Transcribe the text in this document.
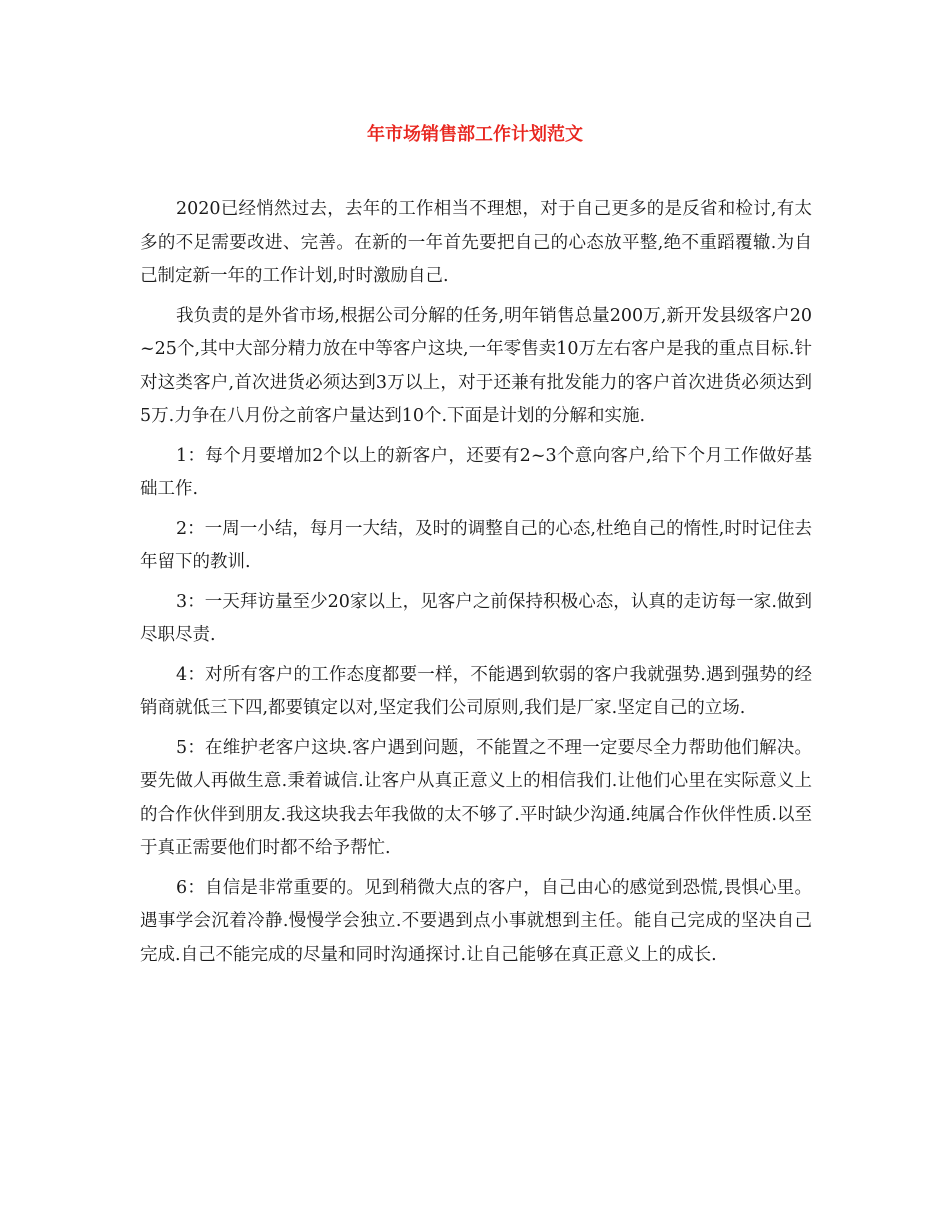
年市场销售部工作计划范文

2020已经悄然过去，去年的工作相当不理想，对于自己更多的是反省和检讨,有太多的不足需要改进、完善。在新的一年首先要把自己的心态放平整,绝不重蹈覆辙.为自己制定新一年的工作计划,时时激励自己.

我负责的是外省市场,根据公司分解的任务,明年销售总量200万,新开发县级客户20~25个,其中大部分精力放在中等客户这块,一年零售卖10万左右客户是我的重点目标.针对这类客户,首次进货必须达到3万以上，对于还兼有批发能力的客户首次进货必须达到5万.力争在八月份之前客户量达到10个.下面是计划的分解和实施.

1：每个月要增加2个以上的新客户，还要有2~3个意向客户,给下个月工作做好基础工作.

2：一周一小结，每月一大结，及时的调整自己的心态,杜绝自己的惰性,时时记住去年留下的教训.

3：一天拜访量至少20家以上，见客户之前保持积极心态，认真的走访每一家.做到尽职尽责.

4：对所有客户的工作态度都要一样，不能遇到软弱的客户我就强势.遇到强势的经销商就低三下四,都要镇定以对,坚定我们公司原则,我们是厂家.坚定自己的立场.

5：在维护老客户这块.客户遇到问题，不能置之不理一定要尽全力帮助他们解决。要先做人再做生意.秉着诚信.让客户从真正意义上的相信我们.让他们心里在实际意义上的合作伙伴到朋友.我这块我去年我做的太不够了.平时缺少沟通.纯属合作伙伴性质.以至于真正需要他们时都不给予帮忙.

6：自信是非常重要的。见到稍微大点的客户，自己由心的感觉到恐慌,畏惧心里。遇事学会沉着冷静.慢慢学会独立.不要遇到点小事就想到主任。能自己完成的坚决自己完成.自己不能完成的尽量和同时沟通探讨.让自己能够在真正意义上的成长.
